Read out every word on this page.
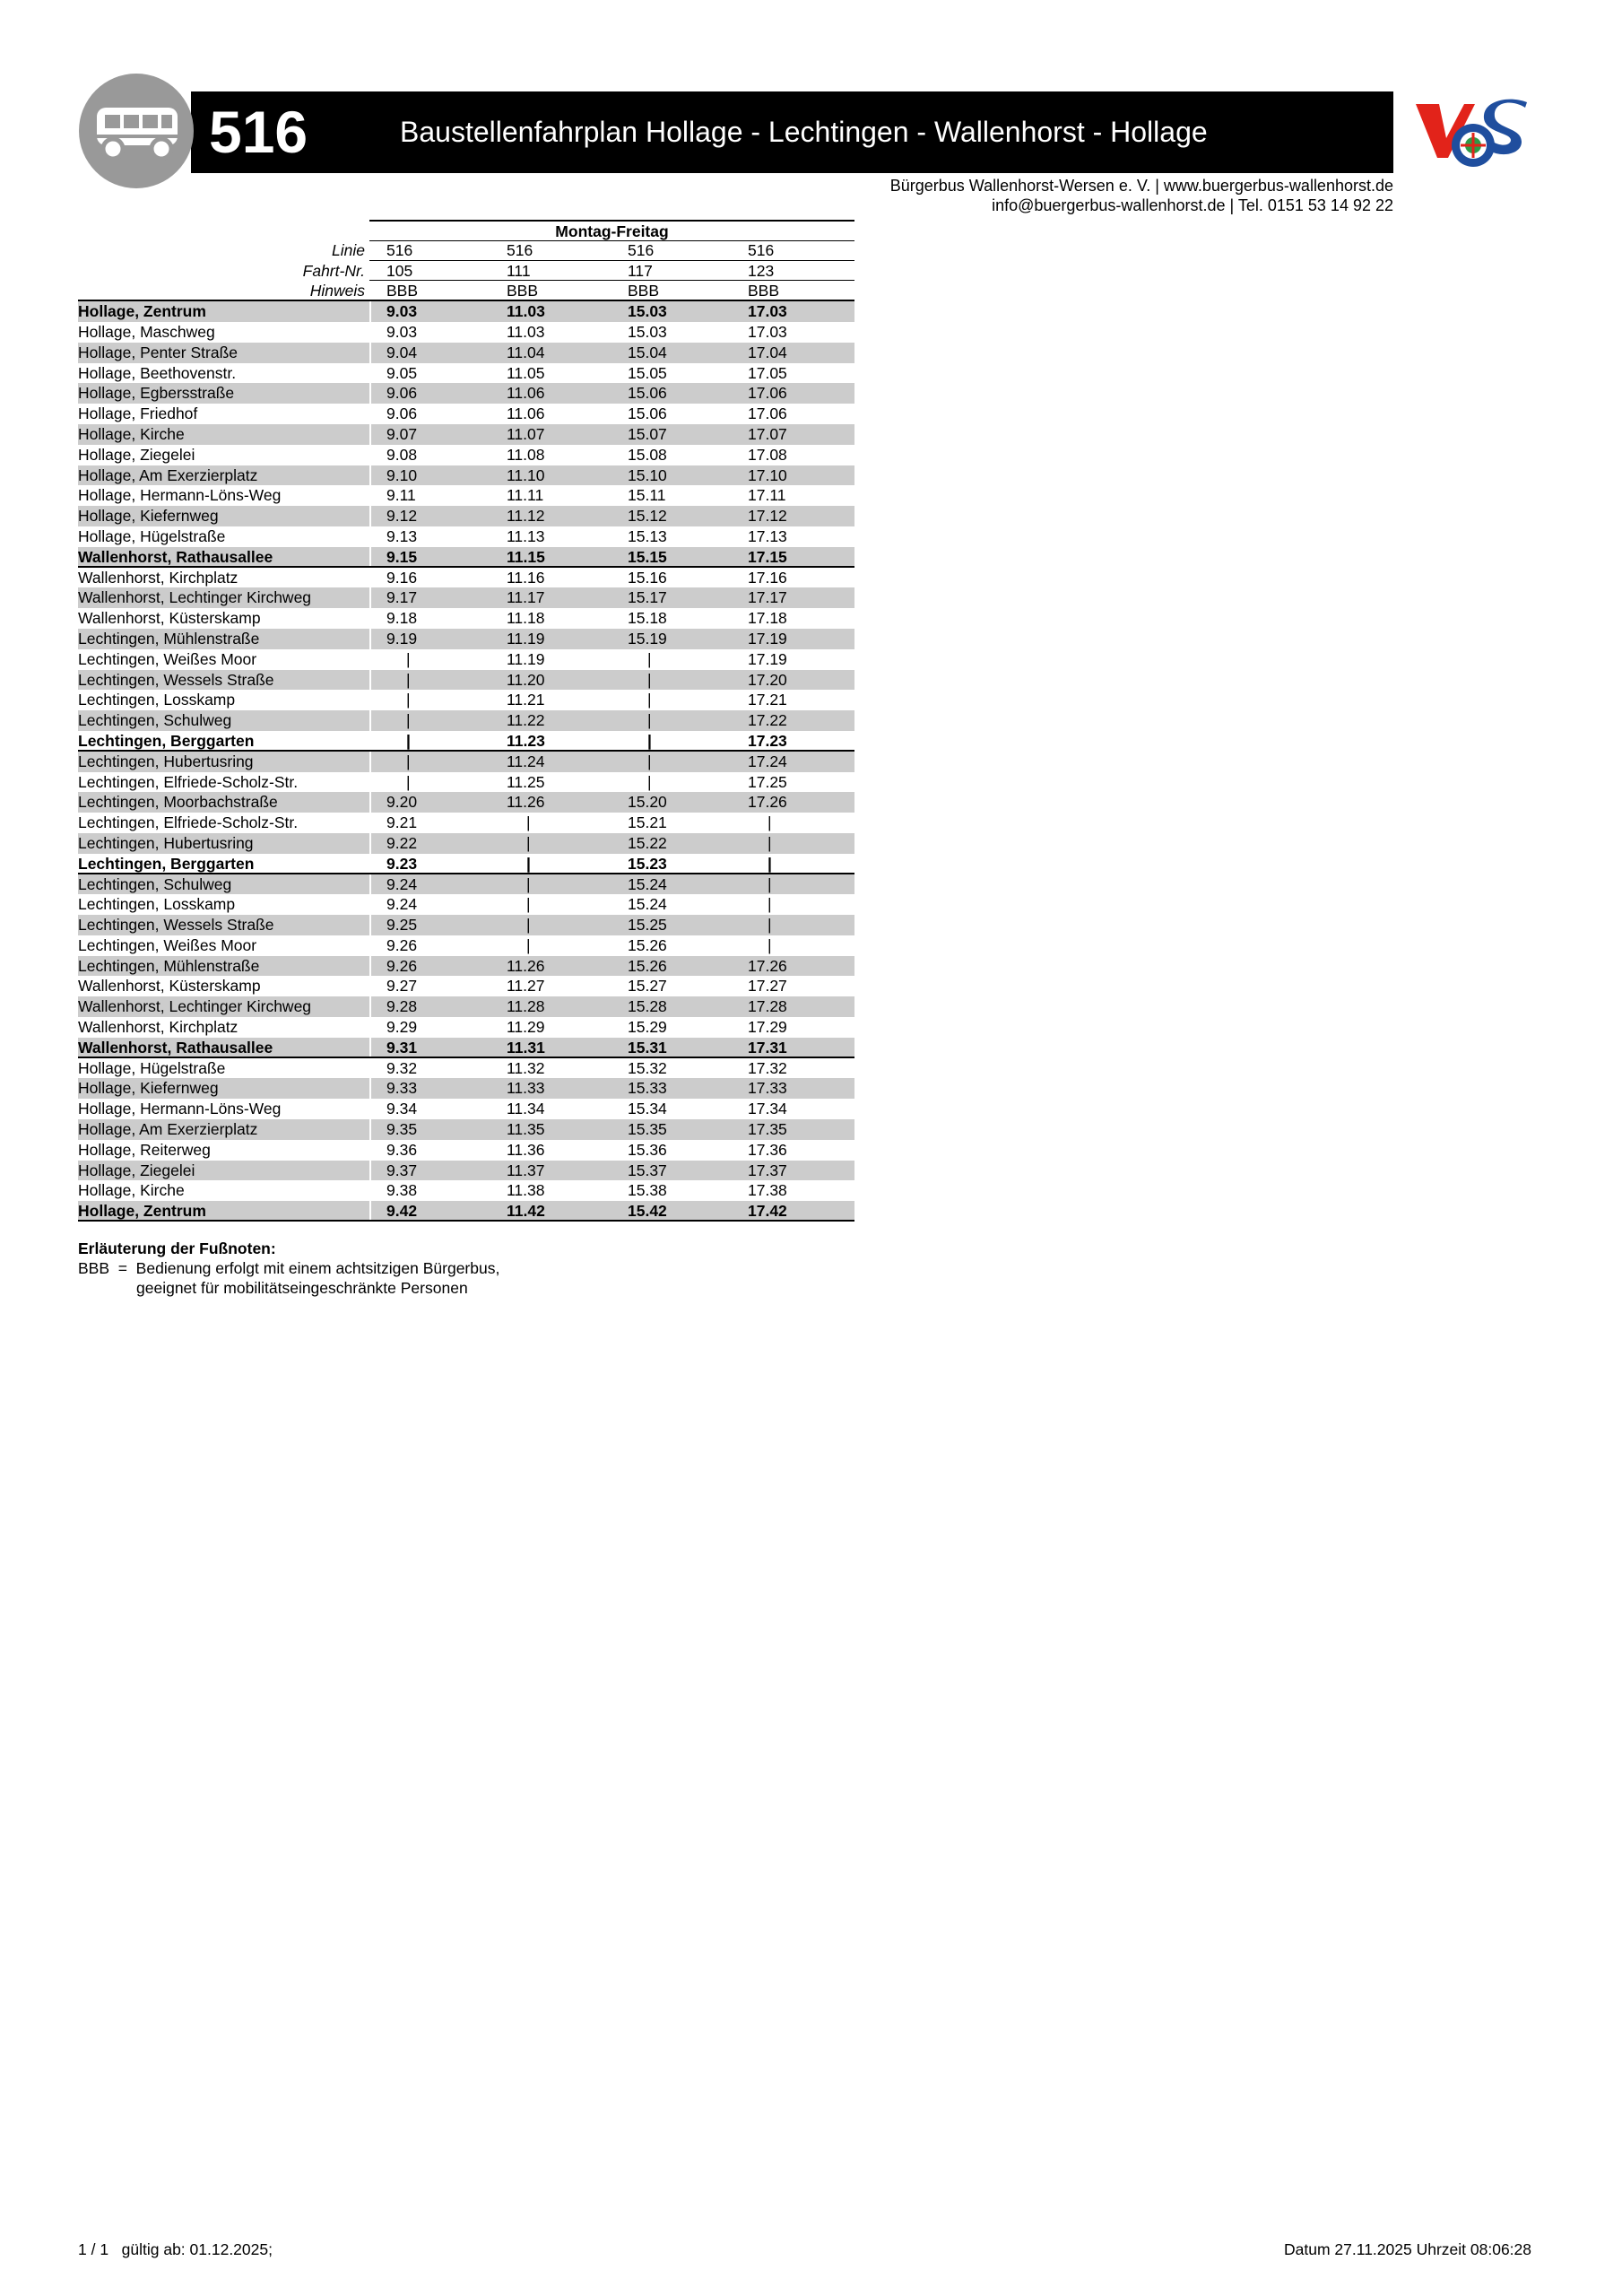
516	Baustellenfahrplan Hollage - Lechtingen - Wallenhorst - Hollage
Bürgerbus Wallenhorst-Wersen e. V. | www.buergerbus-wallenhorst.de
info@buergerbus-wallenhorst.de | Tel. 0151 53 14 92 22
Montag-Freitag
Linie 516	516	516	516
Fahrt-Nr. 105	111	117	123
Hinweis BBB	BBB	BBB	BBB
Hollage, Zentrum	9.03	11.03	15.03	17.03
Hollage, Maschweg	9.03	11.03	15.03	17.03
Hollage, Penter Straße	9.04	11.04	15.04	17.04
Hollage, Beethovenstr.	9.05	11.05	15.05	17.05
Hollage, Egbersstraße	9.06	11.06	15.06	17.06
Hollage, Friedhof	9.06	11.06	15.06	17.06
Hollage, Kirche	9.07	11.07	15.07	17.07
Hollage, Ziegelei	9.08	11.08	15.08	17.08
Hollage, Am Exerzierplatz	9.10	11.10	15.10	17.10
Hollage, Hermann-Löns-Weg	9.11	11.11	15.11	17.11
Hollage, Kiefernweg	9.12	11.12	15.12	17.12
Hollage, Hügelstraße	9.13	11.13	15.13	17.13
Wallenhorst, Rathausallee	9.15	11.15	15.15	17.15
Wallenhorst, Kirchplatz	9.16	11.16	15.16	17.16
Wallenhorst, Lechtinger Kirchweg	9.17	11.17	15.17	17.17
Wallenhorst, Küsterskamp	9.18	11.18	15.18	17.18
Lechtingen, Mühlenstraße	9.19	11.19	15.19	17.19
Lechtingen, Weißes Moor	|	11.19	|	17.19
Lechtingen, Wessels Straße	|	11.20	|	17.20
Lechtingen, Losskamp	|	11.21	|	17.21
Lechtingen, Schulweg	|	11.22	|	17.22
Lechtingen, Berggarten	|	11.23	|	17.23
Lechtingen, Hubertusring	|	11.24	|	17.24
Lechtingen, Elfriede-Scholz-Str.	|	11.25	|	17.25
Lechtingen, Moorbachstraße	9.20	11.26	15.20	17.26
Lechtingen, Elfriede-Scholz-Str.	9.21	|	15.21	|
Lechtingen, Hubertusring	9.22	|	15.22	|
Lechtingen, Berggarten	9.23	|	15.23	|
Lechtingen, Schulweg	9.24	|	15.24	|
Lechtingen, Losskamp	9.24	|	15.24	|
Lechtingen, Wessels Straße	9.25	|	15.25	|
Lechtingen, Weißes Moor	9.26	|	15.26	|
Lechtingen, Mühlenstraße	9.26	11.26	15.26	17.26
Wallenhorst, Küsterskamp	9.27	11.27	15.27	17.27
Wallenhorst, Lechtinger Kirchweg	9.28	11.28	15.28	17.28
Wallenhorst, Kirchplatz	9.29	11.29	15.29	17.29
Wallenhorst, Rathausallee	9.31	11.31	15.31	17.31
Hollage, Hügelstraße	9.32	11.32	15.32	17.32
Hollage, Kiefernweg	9.33	11.33	15.33	17.33
Hollage, Hermann-Löns-Weg	9.34	11.34	15.34	17.34
Hollage, Am Exerzierplatz	9.35	11.35	15.35	17.35
Hollage, Reiterweg	9.36	11.36	15.36	17.36
Hollage, Ziegelei	9.37	11.37	15.37	17.37
Hollage, Kirche	9.38	11.38	15.38	17.38
Hollage, Zentrum	9.42	11.42	15.42	17.42
Erläuterung der Fußnoten:
BBB  =  Bedienung erfolgt mit einem achtsitzigen Bürgerbus,
geeignet für mobilitätseingeschränkte Personen
1 / 1   gültig ab: 01.12.2025;	Datum 27.11.2025 Uhrzeit 08:06:28
